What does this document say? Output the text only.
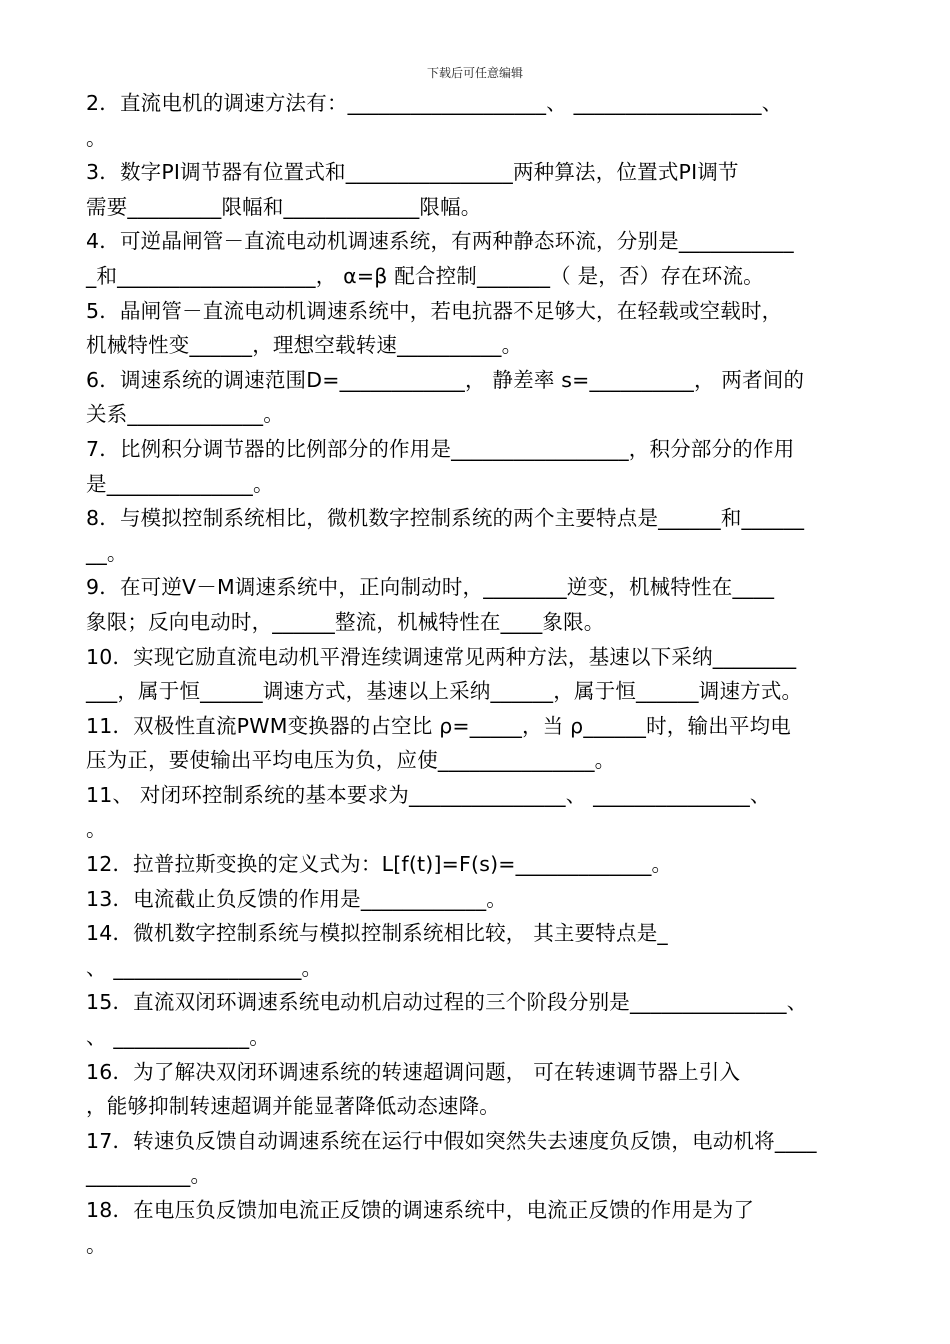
下载后可任意编辑
2．直流电机的调速方法有：___________________、 __________________、
。
3．数字PI调节器有位置式和________________两种算法，位置式PI调节
需要_________限幅和_____________限幅。
4．可逆晶闸管－直流电动机调速系统，有两种静态环流，分别是___________
_和___________________， α=β 配合控制_______（ 是，否）存在环流。
5．晶闸管－直流电动机调速系统中，若电抗器不足够大，在轻载或空载时，
机械特性变______，理想空载转速__________。
6．调速系统的调速范围D=____________， 静差率 s=__________， 两者间的
关系_____________。
7．比例积分调节器的比例部分的作用是_________________，积分部分的作用
是______________。
8．与模拟控制系统相比，微机数字控制系统的两个主要特点是______和______
__。
9．在可逆V－M调速系统中，正向制动时，________逆变，机械特性在____
象限；反向电动时，______整流，机械特性在____象限。
10．实现它励直流电动机平滑连续调速常见两种方法，基速以下采纳________
___，属于恒______调速方式，基速以上采纳______，属于恒______调速方式。
11．双极性直流PWM变换器的占空比 ρ=_____，当 ρ______时，输出平均电
压为正，要使输出平均电压为负，应使_______________。
11、 对闭环控制系统的基本要求为_______________、 _______________、
。
12．拉普拉斯变换的定义式为：L[f(t)]=F(s)=_____________。
13．电流截止负反馈的作用是____________。
14．微机数字控制系统与模拟控制系统相比较， 其主要特点是_
、 __________________。
15．直流双闭环调速系统电动机启动过程的三个阶段分别是_______________、
、 _____________。
16．为了解决双闭环调速系统的转速超调问题， 可在转速调节器上引入
，能够抑制转速超调并能显著降低动态速降。
17．转速负反馈自动调速系统在运行中假如突然失去速度负反馈，电动机将____
__________。
18．在电压负反馈加电流正反馈的调速系统中，电流正反馈的作用是为了
。
